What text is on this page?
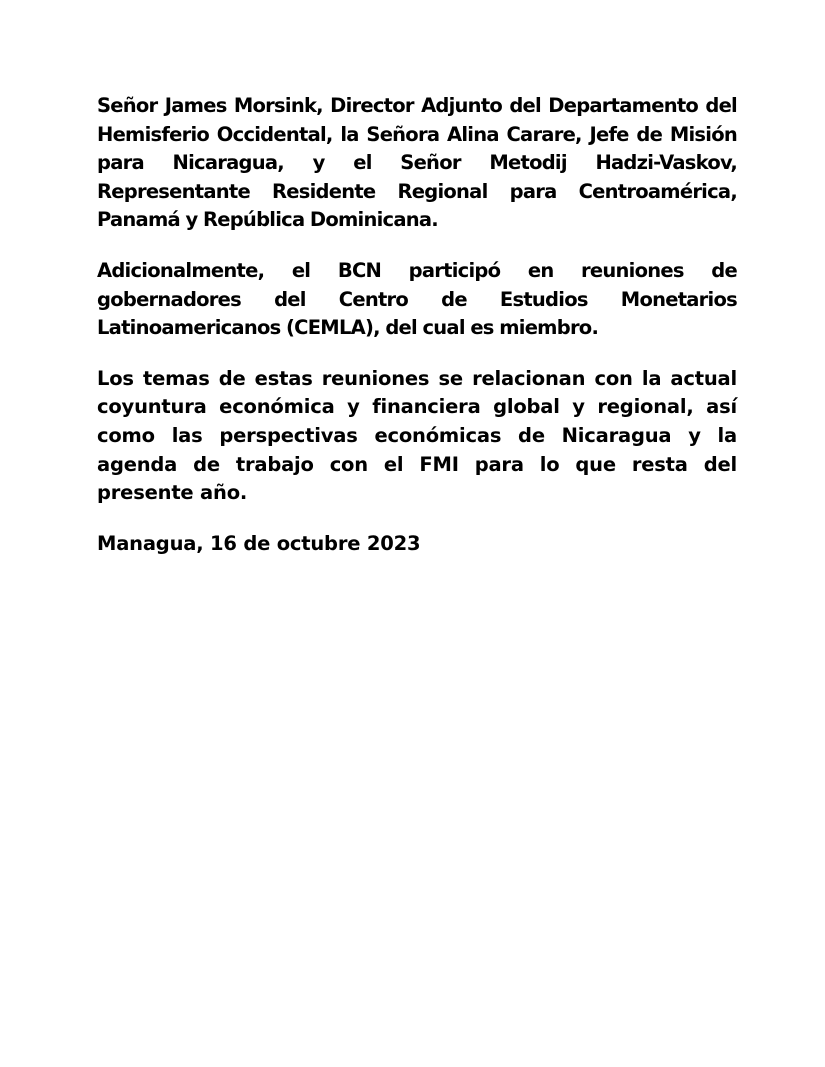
Señor James Morsink, Director Adjunto del Departamento del Hemisferio Occidental, la Señora Alina Carare, Jefe de Misión para Nicaragua, y el Señor Metodij Hadzi-Vaskov, Representante Residente Regional para Centroamérica, Panamá y República Dominicana.

Adicionalmente, el BCN participó en reuniones de gobernadores del Centro de Estudios Monetarios Latinoamericanos (CEMLA), del cual es miembro.

Los temas de estas reuniones se relacionan con la actual coyuntura económica y financiera global y regional, así como las perspectivas económicas de Nicaragua y la agenda de trabajo con el FMI para lo que resta del presente año.

Managua, 16 de octubre 2023
